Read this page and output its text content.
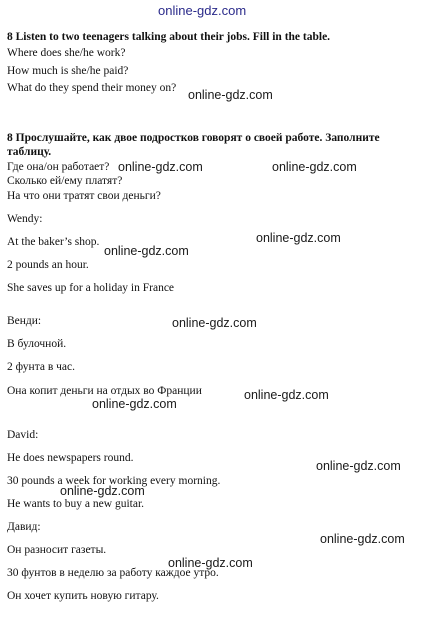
online-gdz.com
8 Listen to two teenagers talking about their jobs. Fill in the table.
Where does she/he work?
How much is she/he paid?
What do they spend their money on? online-gdz.com
8 Прослушайте, как двое подростков говорят о своей работе. Заполните
таблицу.
Где она/он работает? online-gdz.com	online-gdz.com
Сколько ей/ему платят?
На что они тратят свои деньги?
Wendy:
At the baker’s shop.	online-gdz.com
online-gdz.com
2 pounds an hour.
She saves up for a holiday in France
Венди:	online-gdz.com
В булочной.
2 фунта в час.
Она копит деньги на отдых во Франции	online-gdz.com
online-gdz.com
David:
He does newspapers round.
online-gdz.com
30 pounds a week for working every morning.
online-gdz.com
He wants to buy a new guitar.
Давид:
online-gdz.com
Он разносит газеты.
online-gdz.com
30 фунтов в неделю за работу каждое утро.
Он хочет купить новую гитару.
